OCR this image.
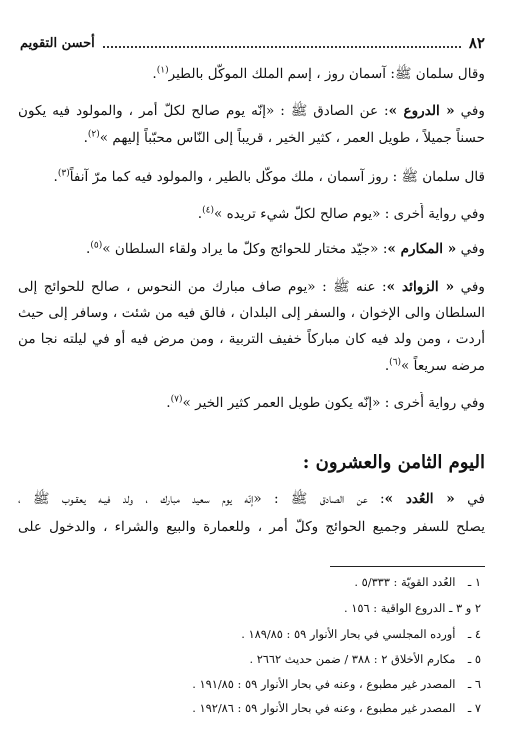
٨٢
أحسن التقويم
وقال سلمان ﷺ: آسمان روز ، إسم الملك الموكّل بالطير$^{(١)}$.
وفي « الدروع »: عن الصادق ﷺ : «إنّه يوم صالح لكلّ أمر ، والمولود فيه يكون
حسناً جميلاً ، طويل العمر ، كثير الخير ، قريباً إلى النّاس محبّباً إليهم »$^{(٢)}$.
قال سلمان ﷺ : روز آسمان ، ملك موكّل بالطير ، والمولود فيه كما مرّ آنفاً$^{(٣)}$.
وفي رواية أُخرى : «يوم صالح لكلّ شيء تريده »$^{(٤)}$.
وفي « المكارم »: «جيّد مختار للحوائج وكلّ ما يراد ولقاء السلطان »$^{(٥)}$.
وفي « الزوائد »: عنه ﷺ : «يوم صاف مبارك من النحوس ، صالح للحوائج إلى
السلطان والى الإخوان ، والسفر إلى البلدان ، فالق فيه من شئت ، وسافر إلى حيث
أردت ، ومن ولد فيه كان مباركاً خفيف التربية ، ومن مرض فيه أو في ليلته نجا من
مرضه سريعاً »$^{(٦)}$.
وفي رواية أُخرى : «إنّه يكون طويل العمر كثير الخير »$^{(٧)}$.
اليوم الثامن والعشرون :
في « العُدد »: عن الصادق ﷺ : «إنّه يوم سعيد مبارك ، ولد فيـه يعقـوب ﷺ ،
يصلح للسفر وجميع الحوائج وكلّ أمر ، وللعمارة والبيع والشراء ، والدخول على
١ ـ العُدد القويّة : ٥/٣٣٣ .
٢ و ٣ ـ الدروع الواقية : ١٥٦ .
٤ ـ أورده المجلسي في بحار الأنوار ٥٩ : ١٨٩/٨٥ .
٥ ـ مكارم الأخلاق ٢ : ٣٨٨ / ضمن حديث ٢٦٦٢ .
٦ ـ المصدر غير مطبوع ، وعنه في بحار الأنوار ٥٩ : ١٩١/٨٥ .
٧ ـ المصدر غير مطبوع ، وعنه في بحار الأنوار ٥٩ : ١٩٢/٨٦ .
